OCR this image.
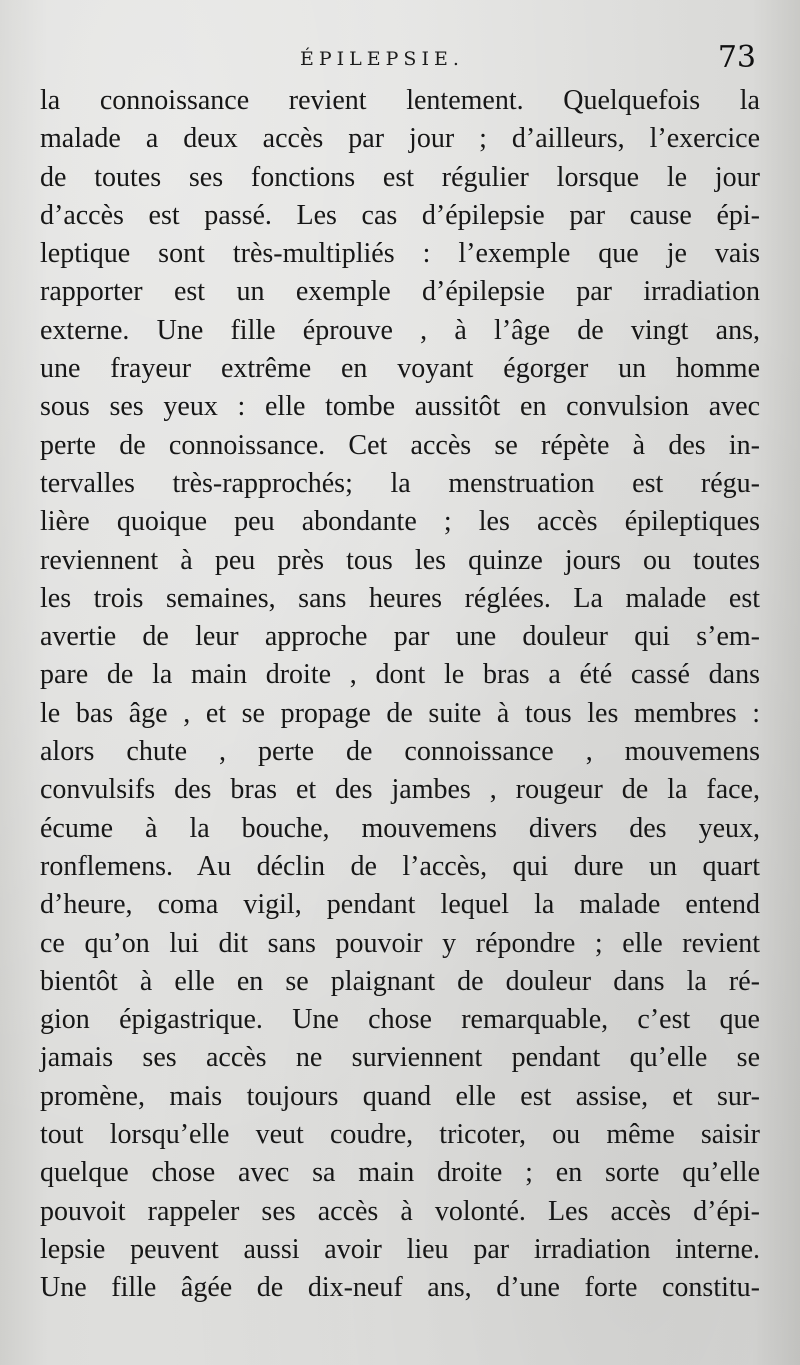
ÉPILEPSIE.	73
la connoissance revient lentement. Quelquefois la
malade a deux accès par jour ; d’ailleurs, l’exercice
de toutes ses fonctions est régulier lorsque le jour
d’accès est passé. Les cas d’épilepsie par cause épi-
leptique sont très-multipliés : l’exemple que je vais
rapporter est un exemple d’épilepsie par irradiation
externe. Une fille éprouve , à l’âge de vingt ans,
une frayeur extrême en voyant égorger un homme
sous ses yeux : elle tombe aussitôt en convulsion avec
perte de connoissance. Cet accès se répète à des in-
tervalles très-rapprochés; la menstruation est régu-
lière quoique peu abondante ; les accès épileptiques
reviennent à peu près tous les quinze jours ou toutes
les trois semaines, sans heures réglées. La malade est
avertie de leur approche par une douleur qui s’em-
pare de la main droite , dont le bras a été cassé dans
le bas âge , et se propage de suite à tous les membres :
alors chute , perte de connoissance , mouvemens
convulsifs des bras et des jambes , rougeur de la face,
écume à la bouche, mouvemens divers des yeux,
ronflemens. Au déclin de l’accès, qui dure un quart
d’heure, coma vigil, pendant lequel la malade entend
ce qu’on lui dit sans pouvoir y répondre ; elle revient
bientôt à elle en se plaignant de douleur dans la ré-
gion épigastrique. Une chose remarquable, c’est que
jamais ses accès ne surviennent pendant qu’elle se
promène, mais toujours quand elle est assise, et sur-
tout lorsqu’elle veut coudre, tricoter, ou même saisir
quelque chose avec sa main droite ; en sorte qu’elle
pouvoit rappeler ses accès à volonté. Les accès d’épi-
lepsie peuvent aussi avoir lieu par irradiation interne.
Une fille âgée de dix-neuf ans, d’une forte constitu-
